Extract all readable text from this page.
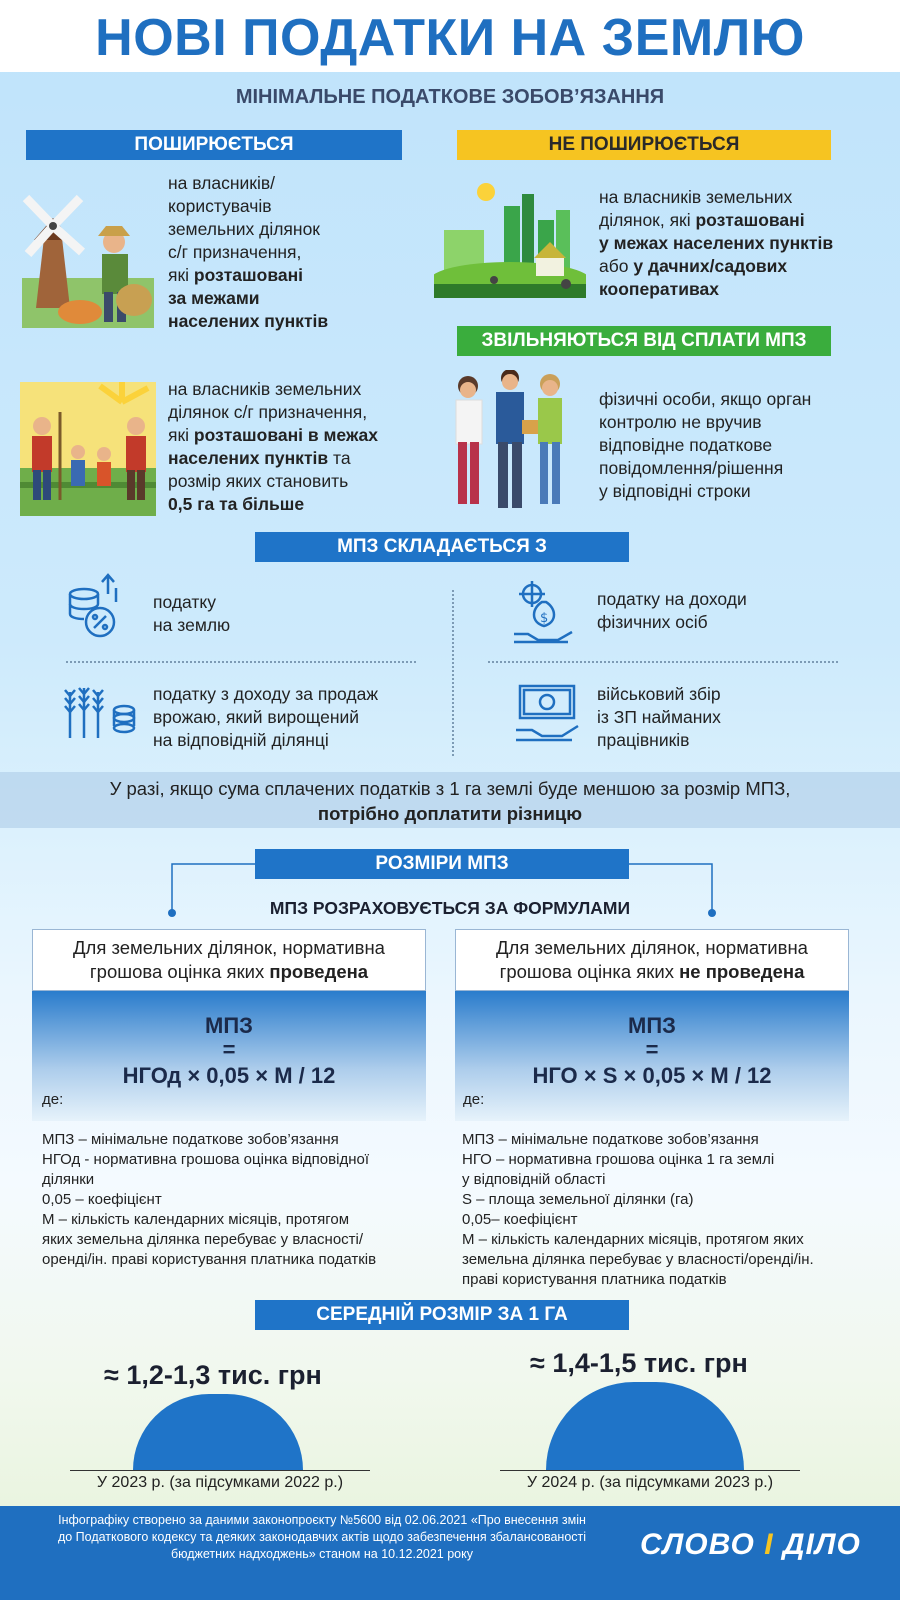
НОВІ ПОДАТКИ НА ЗЕМЛЮ
МІНІМАЛЬНЕ ПОДАТКОВЕ ЗОБОВ’ЯЗАННЯ
ПОШИРЮЄТЬСЯ
на власників/
користувачів
земельних ділянок
с/г призначення,
які розташовані
за межами
населених пунктів
на власників земельних
ділянок с/г призначення,
які розташовані в межах
населених пунктів та
розмір яких становить
0,5 га та більше
НЕ ПОШИРЮЄТЬСЯ
на власників земельних
ділянок, які розташовані
у межах населених пунктів
або у дачних/садових
кооперативах
ЗВІЛЬНЯЮТЬСЯ ВІД СПЛАТИ МПЗ
фізичні особи, якщо орган
контролю не вручив
відповідне податкове
повідомлення/рішення
у відповідні строки
МПЗ СКЛАДАЄТЬСЯ З
податку
на землю	$
податку на доходи
фізичних осіб
податку з доходу за продаж
врожаю, який вирощений
на відповідній ділянці
військовий збір
із ЗП найманих
працівників
У разі, якщо сума сплачених податків з 1 га землі буде меншою за розмір МПЗ,
потрібно доплатити різницю
РОЗМІРИ МПЗ
МПЗ РОЗРАХОВУЄТЬСЯ ЗА ФОРМУЛАМИ
Для земельних ділянок, нормативна
грошова оцінка яких проведена
МПЗ
=
НГОд × 0,05 × М / 12
де:
МПЗ – мінімальне податкове зобов’язання
НГОд - нормативна грошова оцінка відповідної
ділянки
0,05 – коефіцієнт
М – кількість календарних місяців, протягом
яких земельна ділянка перебуває у власності/
оренді/ін. праві користування платника податків
Для земельних ділянок, нормативна
грошова оцінка яких не проведена
МПЗ
=
НГО × S × 0,05 × М / 12
де:
МПЗ – мінімальне податкове зобов’язання
НГО – нормативна грошова оцінка 1 га землі
у відповідній області
S – площа земельної ділянки (га)
0,05– коефіцієнт
М – кількість календарних місяців, протягом яких
земельна ділянка перебуває у власності/оренді/ін.
праві користування платника податків
СЕРЕДНІЙ РОЗМІР ЗА 1 ГА
≈ 1,2-1,3 тис. грн
У 2023 р. (за підсумками 2022 р.)
≈ 1,4-1,5 тис. грн
У 2024 р. (за підсумками 2023 р.)
Інфографіку створено за даними законопроєкту №5600 від 02.06.2021 «Про внесення змін
до Податкового кодексу та деяких законодавчих актів щодо забезпечення збалансованості
бюджетних надходжень» станом на 10.12.2021 року	СЛОВО І ДІЛО
